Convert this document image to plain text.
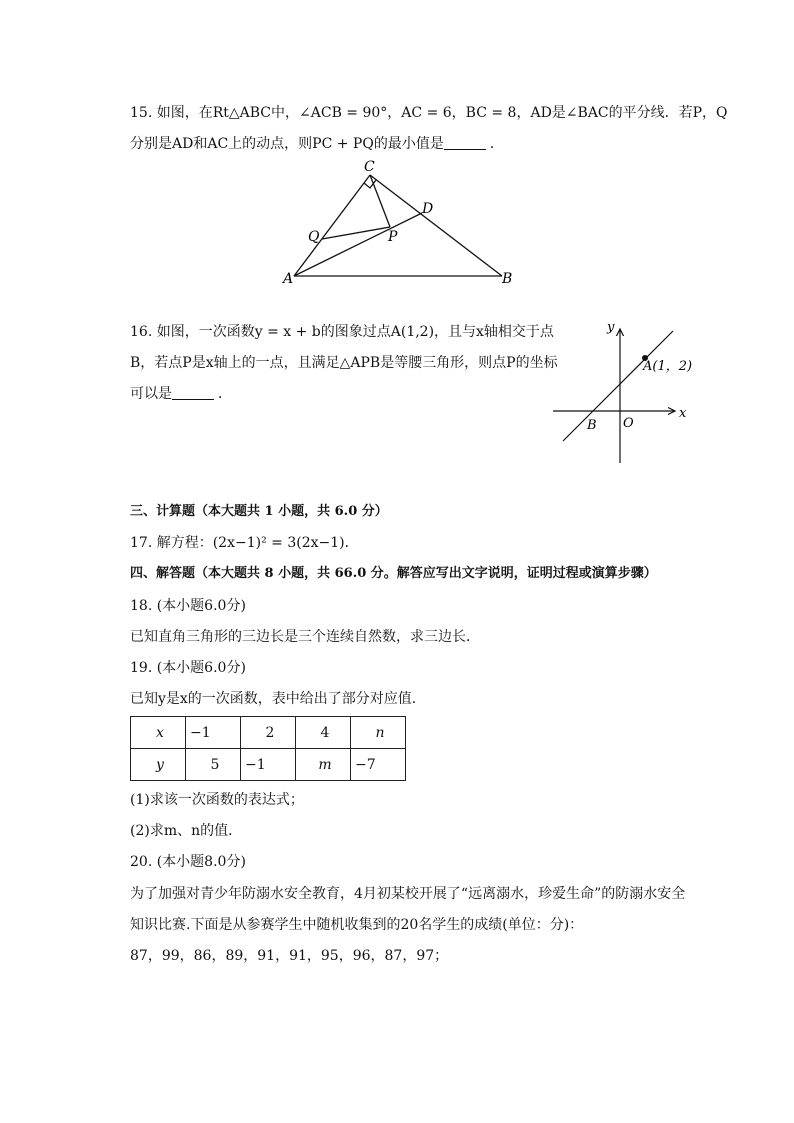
15. 如图，在Rt△ABC中，∠ACB = 90°，AC = 6，BC = 8，AD是∠BAC的平分线．若P，Q
分别是AD和AC上的动点，则PC + PQ的最小值是	．
C
D
Q	P
A	B
16. 如图，一次函数y = x + b的图象过点A(1,2)，且与x轴相交于点
B，若点P是x轴上的一点，且满足△APB是等腰三角形，则点P的坐标
可以是	．
y
x
O
B
A(1，2)
三、计算题（本大题共 1 小题，共 6.0 分）
17. 解方程：(2x−1)² = 3(2x−1)．
四、解答题（本大题共 8 小题，共 66.0 分。解答应写出文字说明，证明过程或演算步骤）
18. (本小题6.0分)
已知直角三角形的三边长是三个连续自然数，求三边长．
19. (本小题6.0分)
已知y是x的一次函数，表中给出了部分对应值．
x	−1	2	4	n
y	5	−1	m	−7
(1)求该一次函数的表达式；
(2)求m、n的值．
20. (本小题8.0分)
为了加强对青少年防溺水安全教育，4月初某校开展了“远离溺水，珍爱生命”的防溺水安全
知识比赛.下面是从参赛学生中随机收集到的20名学生的成绩(单位：分)：
87，99，86，89，91，91，95，96，87，97；
